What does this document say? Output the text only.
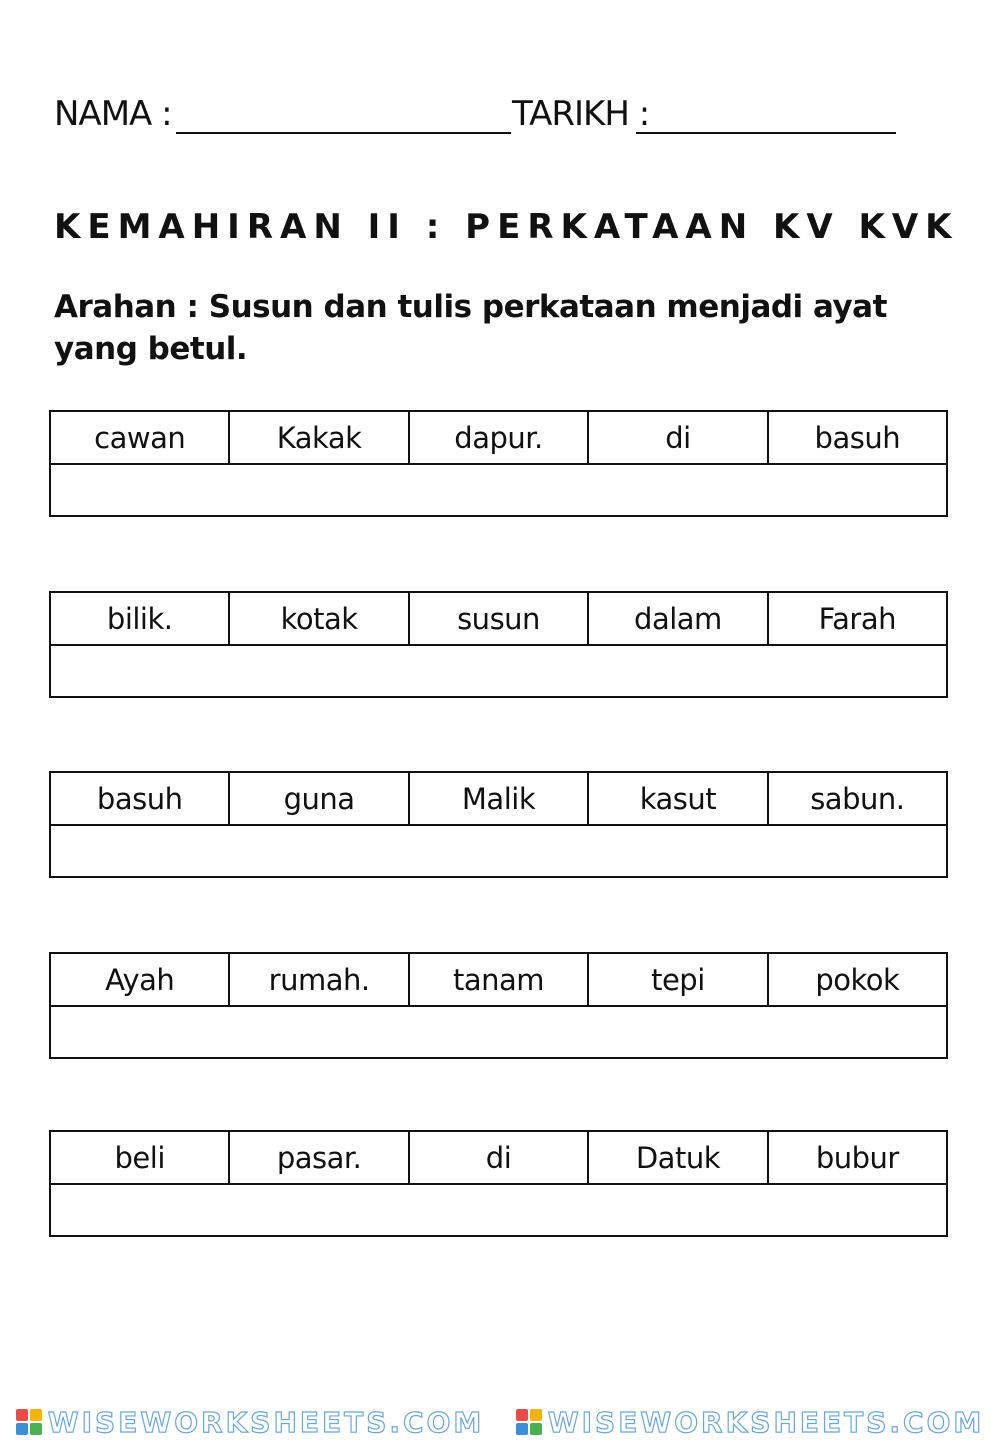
NAMA :	TARIKH :
KEMAHIRAN II : PERKATAAN KV KVK
Arahan : Susun dan tulis perkataan menjadi ayat yang betul.
cawan	Kakak	dapur.	di	basuh
bilik.	kotak	susun	dalam	Farah
basuh	guna	Malik	kasut	sabun.
Ayah	rumah.	tanam	tepi	pokok
beli	pasar.	di	Datuk	bubur
WISEWORKSHEETS.COM WISEWORKSHEETS.COM
